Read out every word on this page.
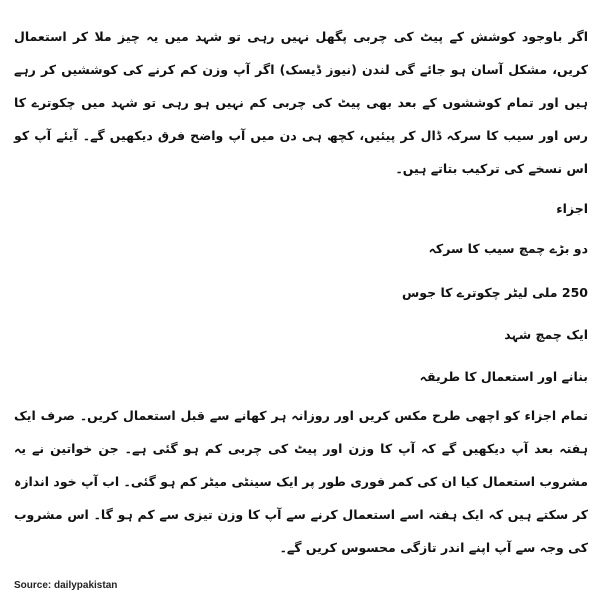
اگر باوجود کوشش کے پیٹ کی چربی پگھل نہیں رہی تو شہد میں یہ چیز ملا کر استعمال کریں، مشکل آسان ہو جائے گی لندن (نیوز ڈیسک) اگر آپ وزن کم کرنے کی کوششیں کر رہے ہیں اور تمام کوششوں کے بعد بھی پیٹ کی چربی کم نہیں ہو رہی تو شہد میں چکوترے کا رس اور سیب کا سرکہ ڈال کر پیئیں، کچھ ہی دن میں آپ واضح فرق دیکھیں گے۔ آیئے آپ کو اس نسخے کی ترکیب بتاتے ہیں۔

اجزاء

دو بڑے چمچ سیب کا سرکہ

250 ملی لیٹر چکوترے کا جوس

ایک چمچ شہد

بنانے اور استعمال کا طریقہ

تمام اجزاء کو اچھی طرح مکس کریں اور روزانہ ہر کھانے سے قبل استعمال کریں۔ صرف ایک ہفتہ بعد آپ دیکھیں گے کہ آپ کا وزن اور پیٹ کی چربی کم ہو گئی ہے۔ جن خواتین نے یہ مشروب استعمال کیا ان کی کمر فوری طور پر ایک سینٹی میٹر کم ہو گئی۔ اب آپ خود اندازہ کر سکتے ہیں کہ ایک ہفتہ اسے استعمال کرنے سے آپ کا وزن تیزی سے کم ہو گا۔ اس مشروب کی وجہ سے آپ اپنے اندر تازگی محسوس کریں گے۔

Source: dailypakistan
